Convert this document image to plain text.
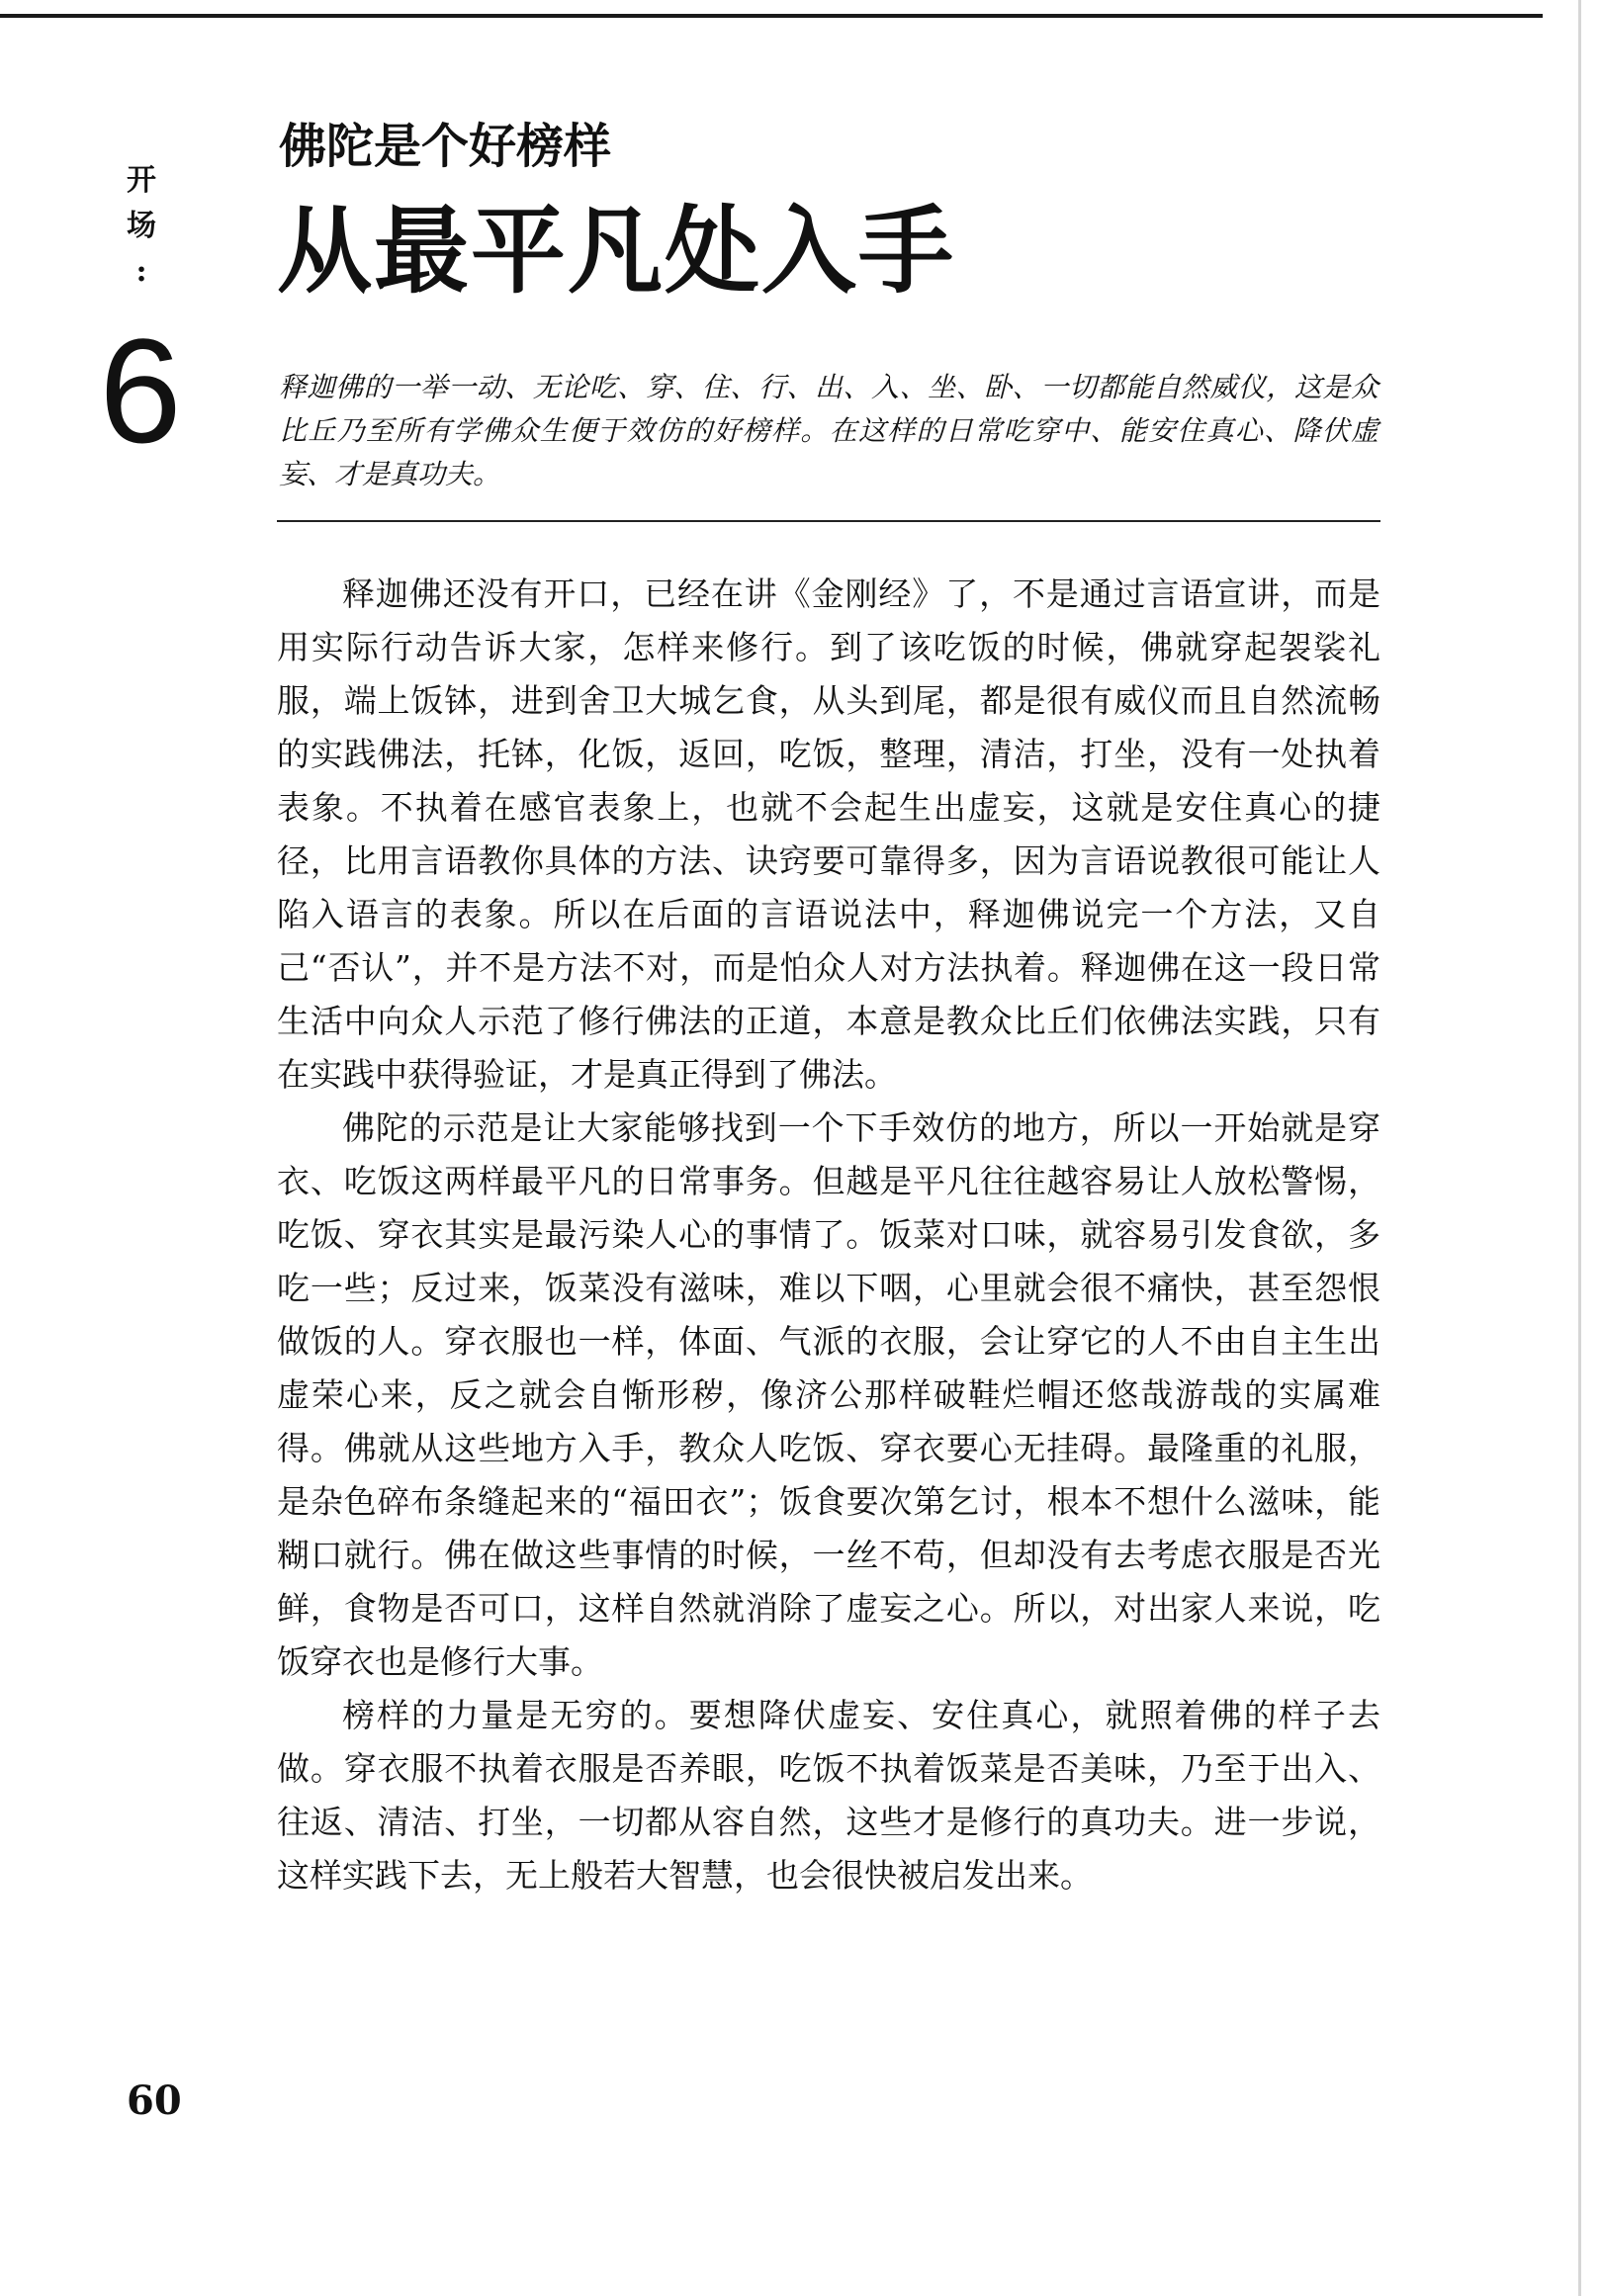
开
场
:
6
佛陀是个好榜样
从最平凡处入手
释迦佛的一举一动、无论吃、穿、住、行、出、入、坐、卧、一切都能自然威仪，这是众比丘乃至所有学佛众生便于效仿的好榜样。在这样的日常吃穿中、能安住真心、降伏虚妄、才是真功夫。

释迦佛还没有开口，已经在讲《金刚经》了，不是通过言语宣讲，而是用实际行动告诉大家，怎样来修行。到了该吃饭的时候，佛就穿起袈裟礼服，端上饭钵，进到舍卫大城乞食，从头到尾，都是很有威仪而且自然流畅的实践佛法，托钵，化饭，返回，吃饭，整理，清洁，打坐，没有一处执着表象。不执着在感官表象上，也就不会起生出虚妄，这就是安住真心的捷径，比用言语教你具体的方法、诀窍要可靠得多，因为言语说教很可能让人陷入语言的表象。所以在后面的言语说法中，释迦佛说完一个方法，又自己“否认”，并不是方法不对，而是怕众人对方法执着。释迦佛在这一段日常生活中向众人示范了修行佛法的正道，本意是教众比丘们依佛法实践，只有在实践中获得验证，才是真正得到了佛法。

佛陀的示范是让大家能够找到一个下手效仿的地方，所以一开始就是穿衣、吃饭这两样最平凡的日常事务。但越是平凡往往越容易让人放松警惕，吃饭、穿衣其实是最污染人心的事情了。饭菜对口味，就容易引发食欲，多吃一些；反过来，饭菜没有滋味，难以下咽，心里就会很不痛快，甚至怨恨做饭的人。穿衣服也一样，体面、气派的衣服，会让穿它的人不由自主生出虚荣心来，反之就会自惭形秽，像济公那样破鞋烂帽还悠哉游哉的实属难得。佛就从这些地方入手，教众人吃饭、穿衣要心无挂碍。最隆重的礼服，是杂色碎布条缝起来的“福田衣”；饭食要次第乞讨，根本不想什么滋味，能糊口就行。佛在做这些事情的时候，一丝不苟，但却没有去考虑衣服是否光鲜，食物是否可口，这样自然就消除了虚妄之心。所以，对出家人来说，吃饭穿衣也是修行大事。

榜样的力量是无穷的。要想降伏虚妄、安住真心，就照着佛的样子去做。穿衣服不执着衣服是否养眼，吃饭不执着饭菜是否美味，乃至于出入、往返、清洁、打坐，一切都从容自然，这些才是修行的真功夫。进一步说，这样实践下去，无上般若大智慧，也会很快被启发出来。

60
